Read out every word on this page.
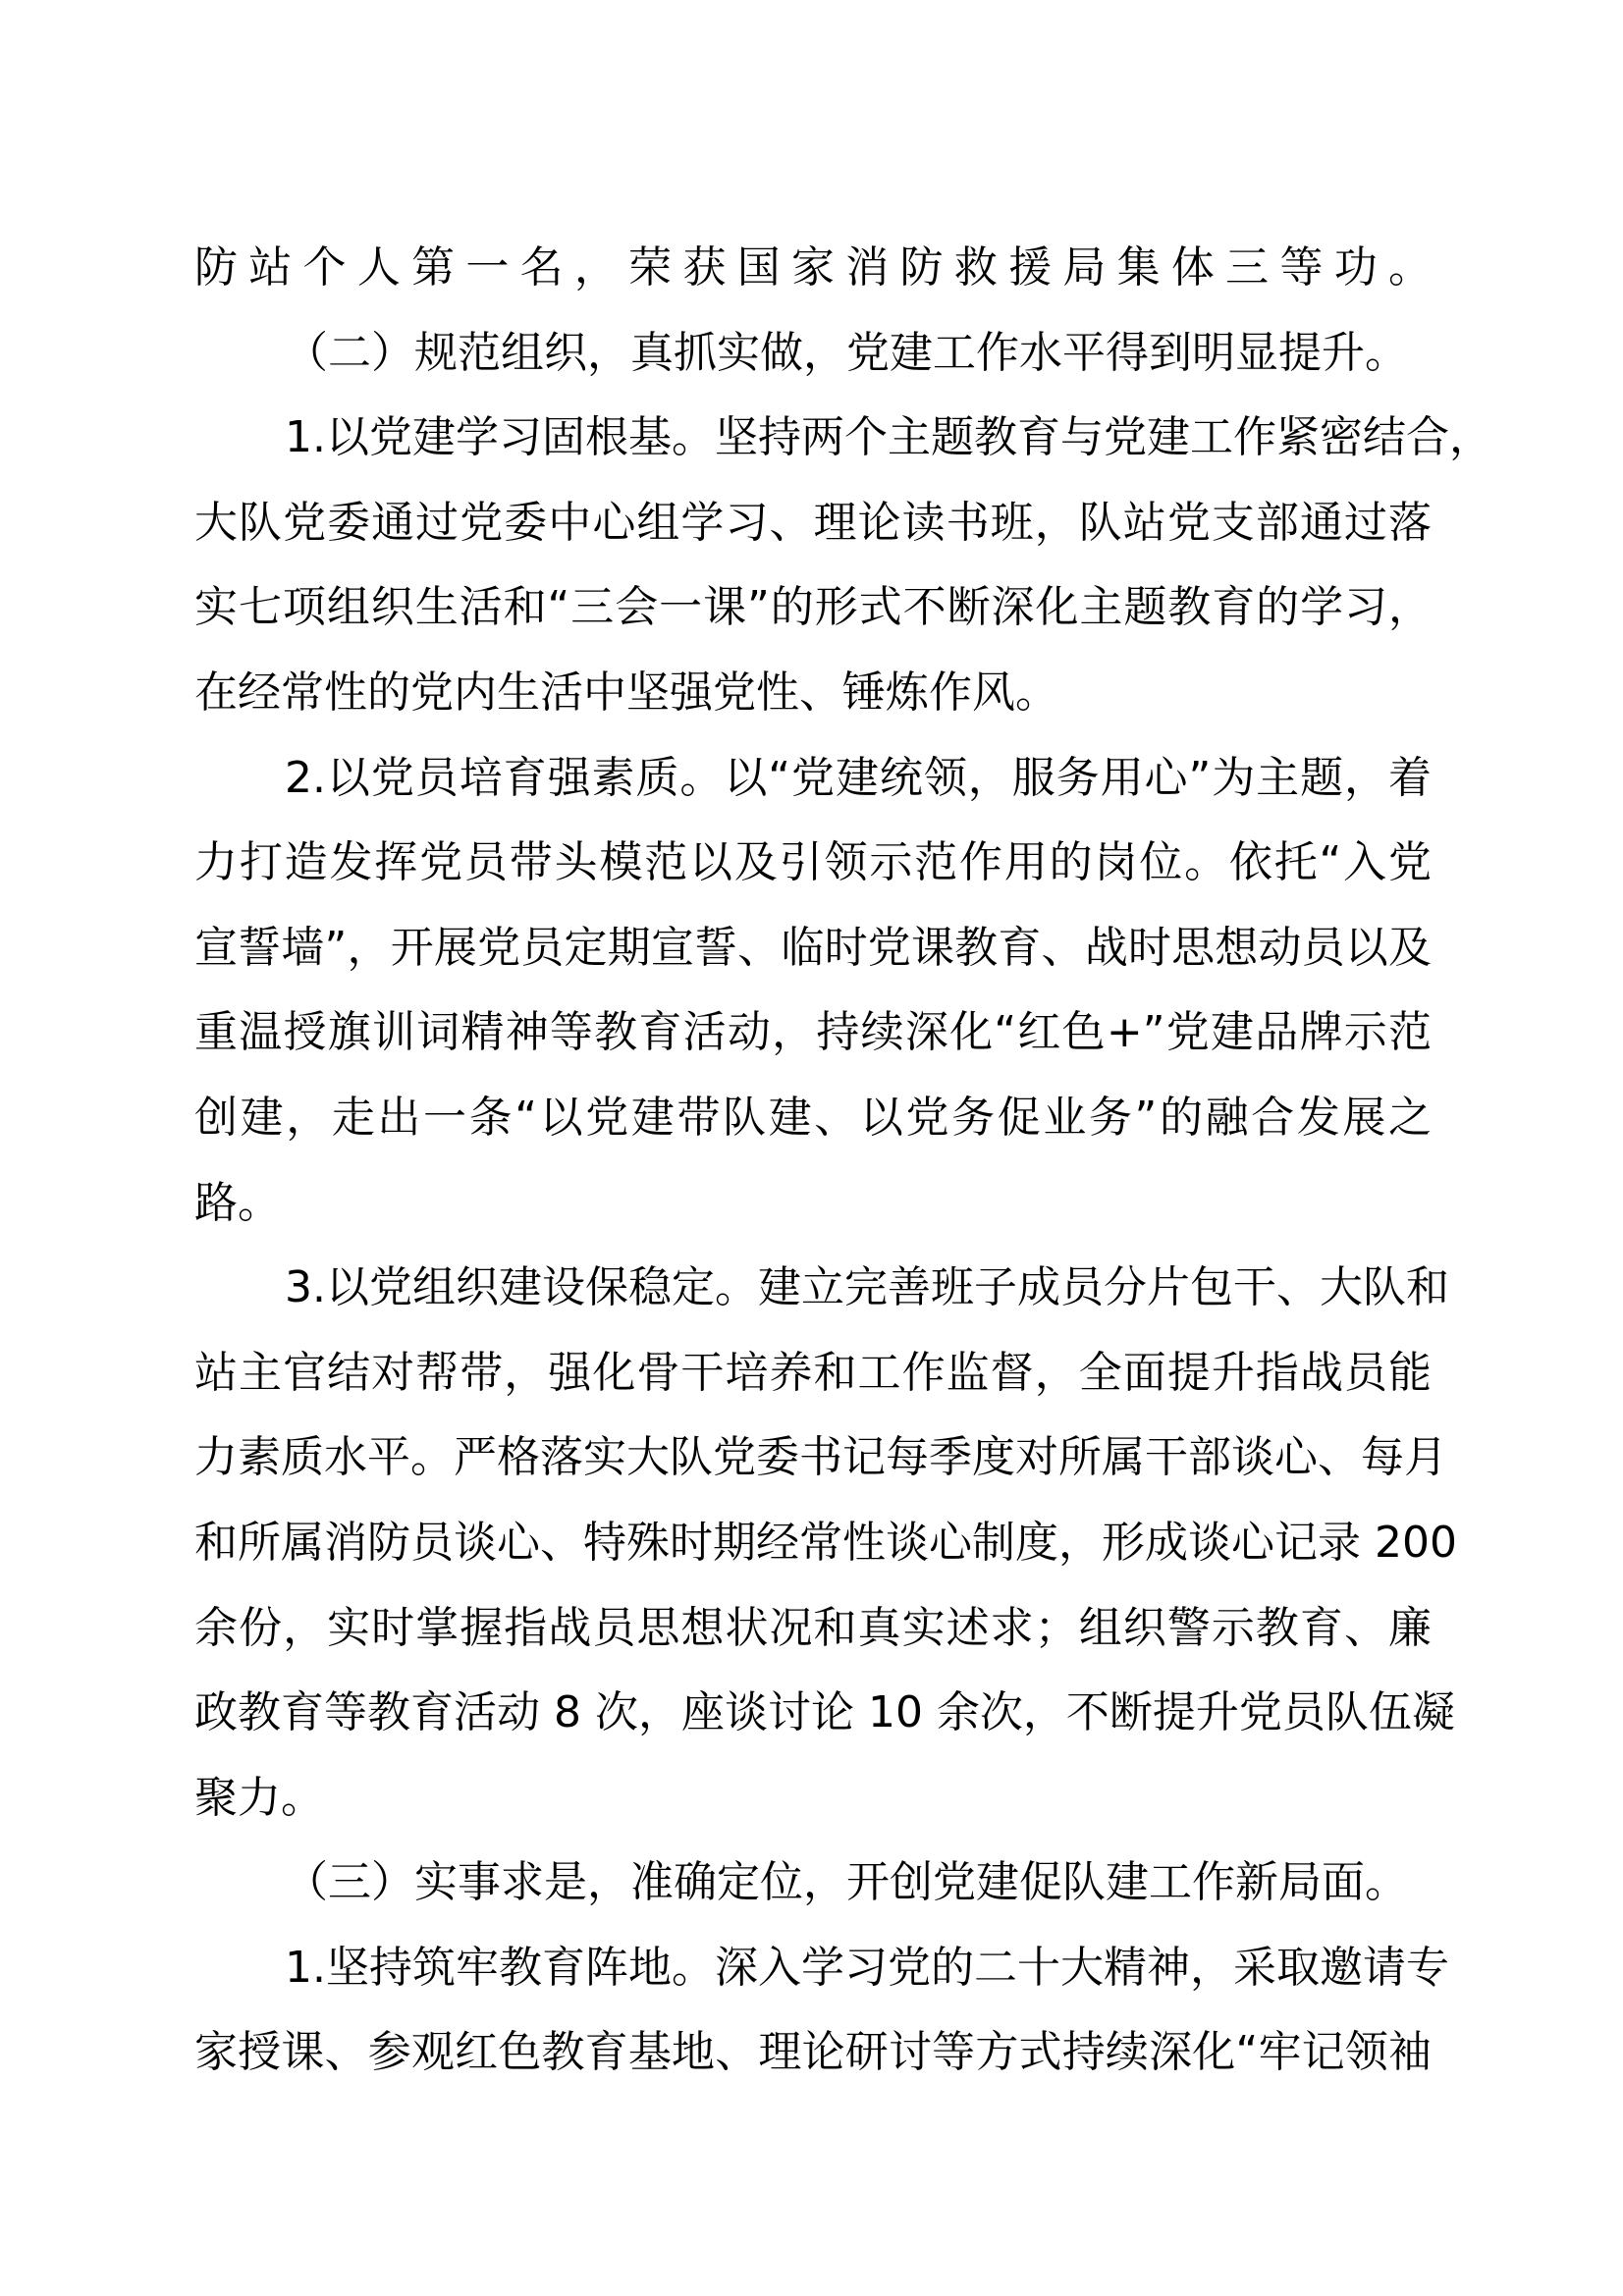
防站个人第一名，荣获国家消防救援局集体三等功。
（二）规范组织，真抓实做，党建工作水平得到明显提升。
1.以党建学习固根基。坚持两个主题教育与党建工作紧密结合，
大队党委通过党委中心组学习、理论读书班，队站党支部通过落
实七项组织生活和“三会一课”的形式不断深化主题教育的学习，
在经常性的党内生活中坚强党性、锤炼作风。
2.以党员培育强素质。以“党建统领，服务用心”为主题，着
力打造发挥党员带头模范以及引领示范作用的岗位。依托“入党
宣誓墙”，开展党员定期宣誓、临时党课教育、战时思想动员以及
重温授旗训词精神等教育活动，持续深化“红色+”党建品牌示范
创建，走出一条“以党建带队建、以党务促业务”的融合发展之
路。
3.以党组织建设保稳定。建立完善班子成员分片包干、大队和
站主官结对帮带，强化骨干培养和工作监督，全面提升指战员能
力素质水平。严格落实大队党委书记每季度对所属干部谈心、每月
和所属消防员谈心、特殊时期经常性谈心制度，形成谈心记录 200
余份，实时掌握指战员思想状况和真实述求；组织警示教育、廉
政教育等教育活动 8 次，座谈讨论 10 余次，不断提升党员队伍凝
聚力。
（三）实事求是，准确定位，开创党建促队建工作新局面。
1.坚持筑牢教育阵地。深入学习党的二十大精神，采取邀请专
家授课、参观红色教育基地、理论研讨等方式持续深化“牢记领袖
